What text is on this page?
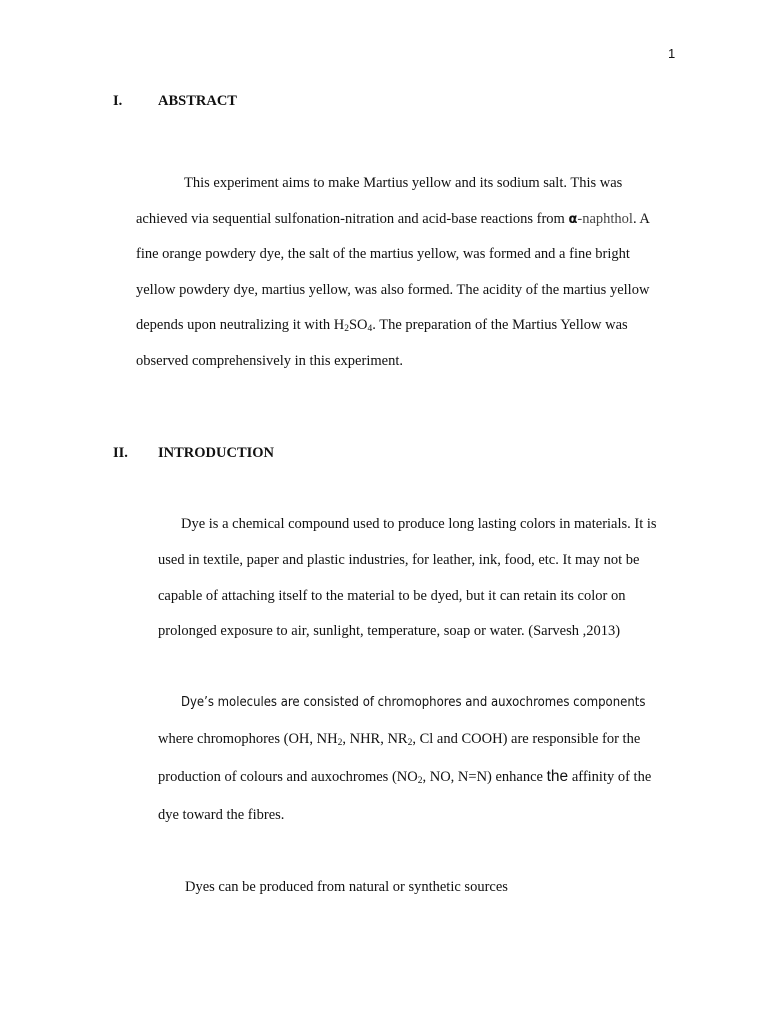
1
I. ABSTRACT
This experiment aims to make Martius yellow and its sodium salt. This was
achieved via sequential sulfonation-nitration and acid-base reactions from α-naphthol. A
fine orange powdery dye, the salt of the martius yellow, was formed and a fine bright
yellow powdery dye, martius yellow, was also formed. The acidity of the martius yellow
depends upon neutralizing it with $H_2SO_4$. The preparation of the Martius Yellow was
observed comprehensively in this experiment.
II. INTRODUCTION
Dye is a chemical compound used to produce long lasting colors in materials. It is
used in textile, paper and plastic industries, for leather, ink, food, etc. It may not be
capable of attaching itself to the material to be dyed, but it can retain its color on
prolonged exposure to air, sunlight, temperature, soap or water. (Sarvesh ,2013)
Dye’s molecules are consisted of chromophores and auxochromes components
where chromophores (OH, $NH_2$, NHR, $NR_2$, Cl and COOH) are responsible for the
production of colours and auxochromes ($NO_2$, NO, N=N) enhance the affinity of the
dye toward the fibres.
Dyes can be produced from natural or synthetic sources
